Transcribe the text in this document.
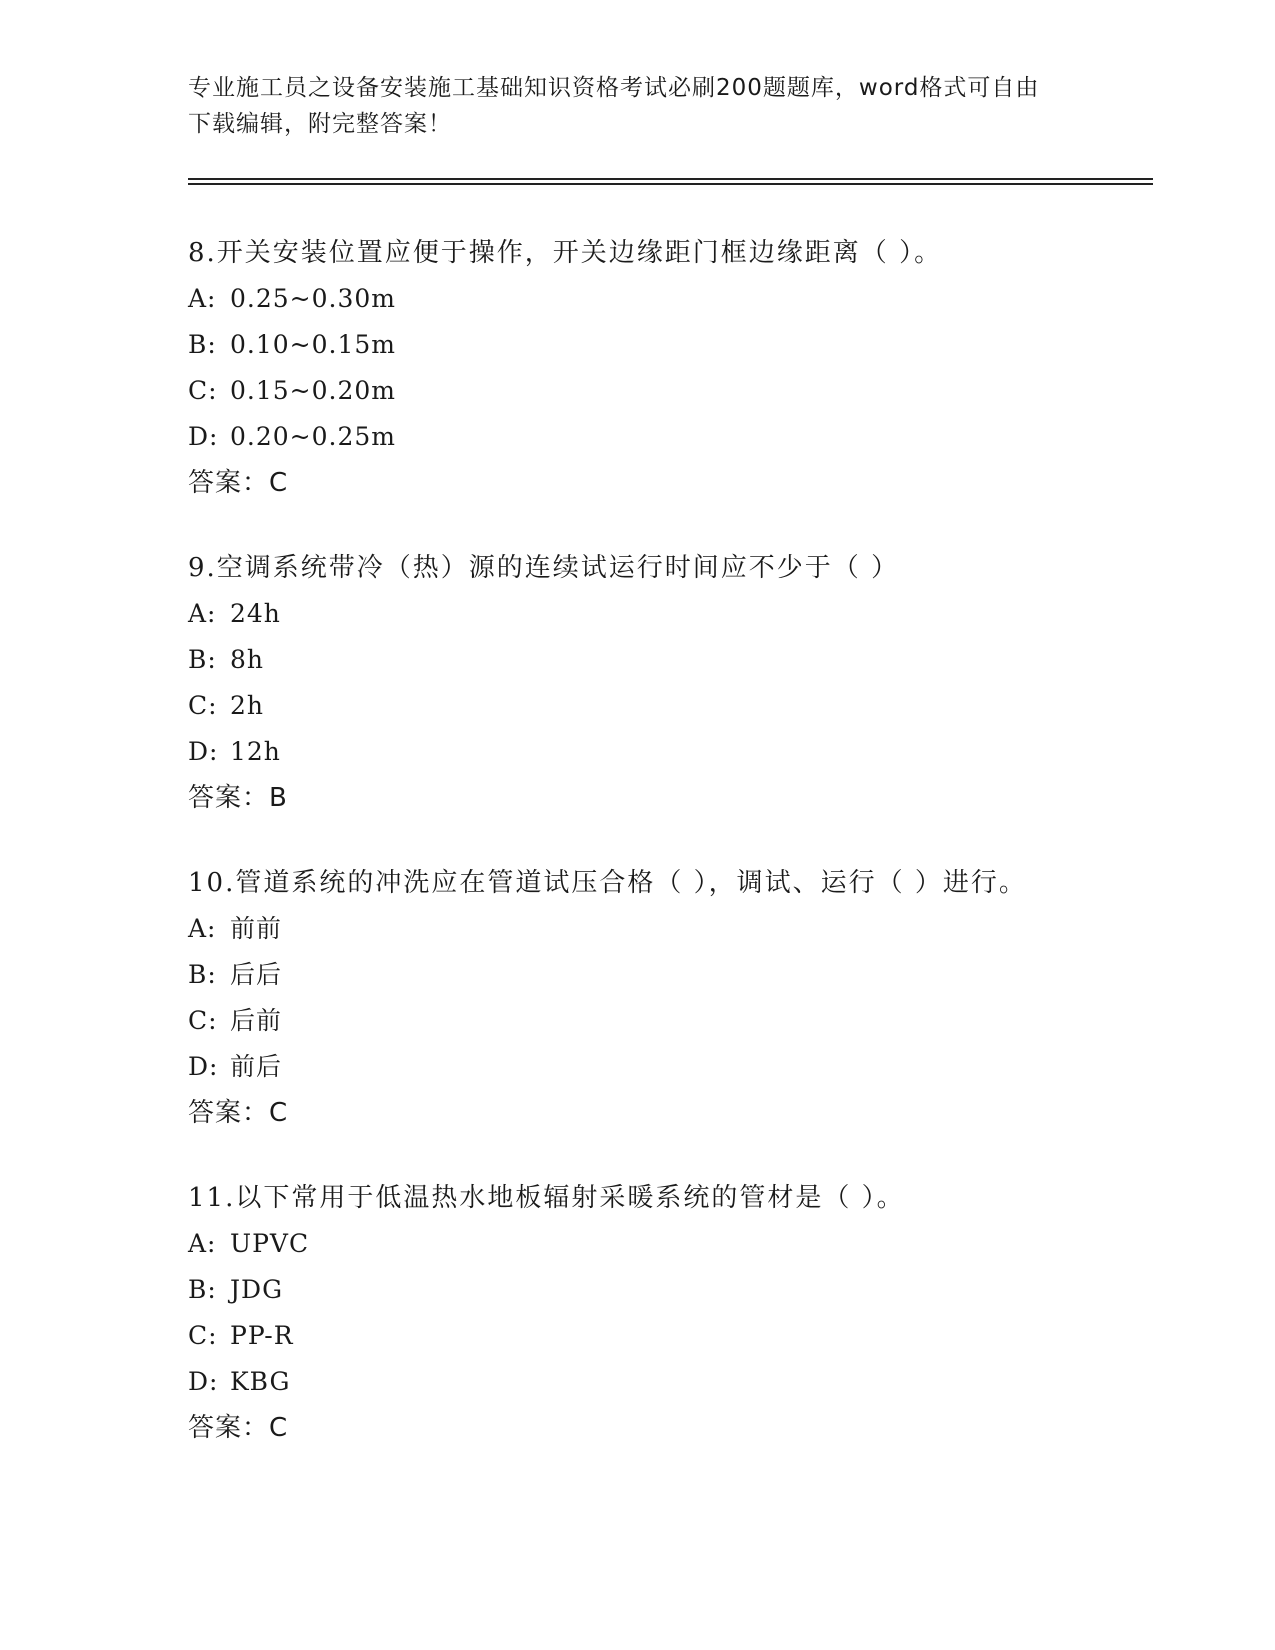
专业施工员之设备安装施工基础知识资格考试必刷200题题库，word格式可自由
下载编辑，附完整答案！
8.开关安装位置应便于操作，开关边缘距门框边缘距离（ ）。
A: 0.25~0.30m
B: 0.10~0.15m
C: 0.15~0.20m
D: 0.20~0.25m
答案：C
9.空调系统带冷（热）源的连续试运行时间应不少于（ ）
A: 24h
B: 8h
C: 2h
D: 12h
答案：B
10.管道系统的冲洗应在管道试压合格（ ），调试、运行（ ）进行。
A: 前前
B: 后后
C: 后前
D: 前后
答案：C
11.以下常用于低温热水地板辐射采暖系统的管材是（ ）。
A: UPVC
B: JDG
C: PP-R
D: KBG
答案：C
